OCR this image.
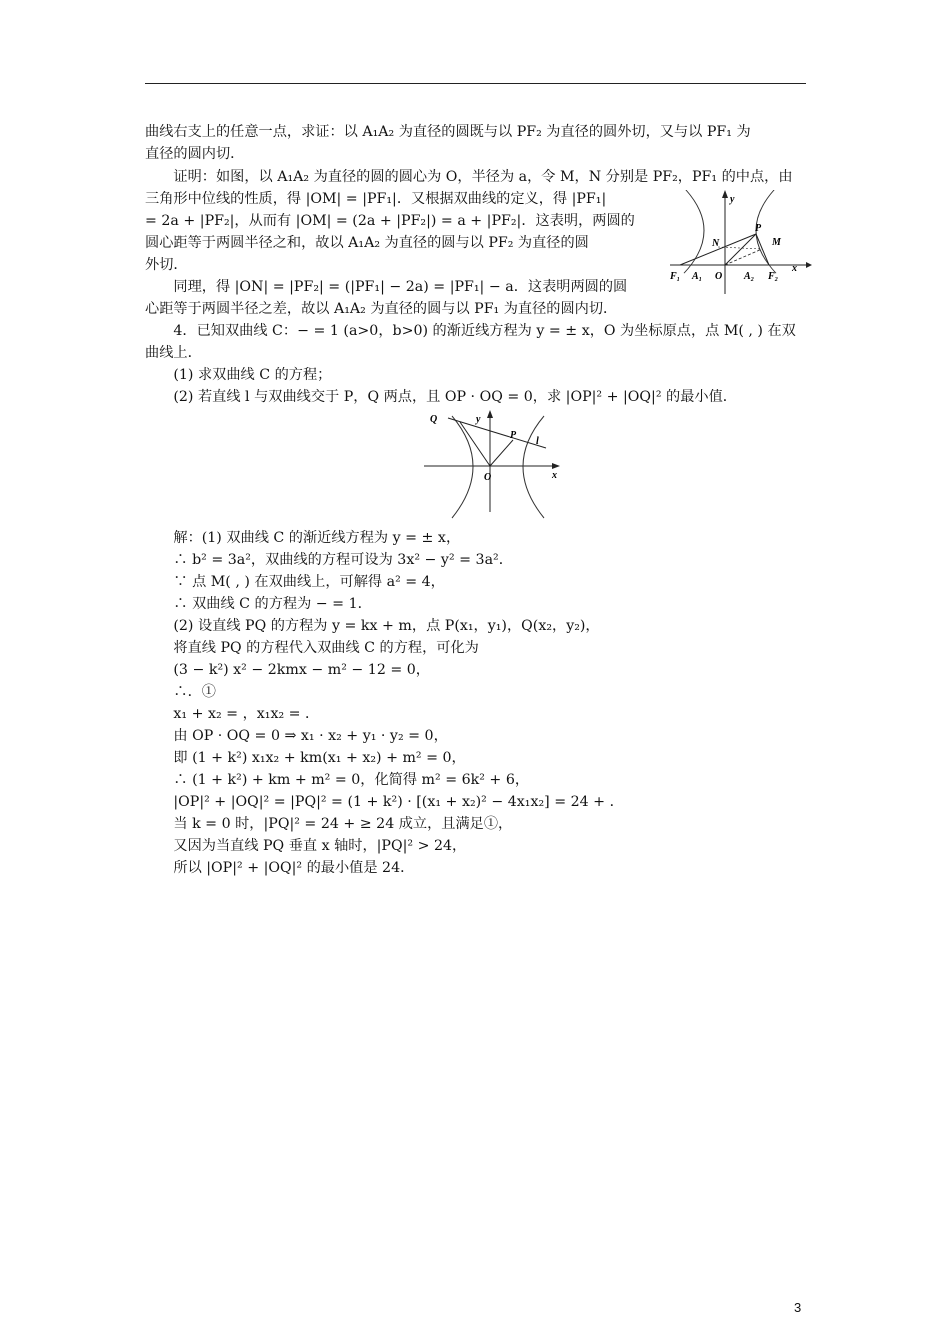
曲线右支上的任意一点，求证：以 A₁A₂ 为直径的圆既与以 PF₂ 为直径的圆外切，又与以 PF₁ 为
直径的圆内切．
　　证明：如图，以 A₁A₂ 为直径的圆的圆心为 O，半径为 a，令 M，N 分别是 PF₂，PF₁ 的中点，由
三角形中位线的性质，得 |OM| = |PF₁|．又根据双曲线的定义，得 |PF₁|
= 2a + |PF₂|，从而有 |OM| = (2a + |PF₂|) = a + |PF₂|．这表明，两圆的
圆心距等于两圆半径之和，故以 A₁A₂ 为直径的圆与以 PF₂ 为直径的圆
外切．
　　同理，得 |ON| = |PF₂| = (|PF₁| − 2a) = |PF₁| − a．这表明两圆的圆
心距等于两圆半径之差，故以 A₁A₂ 为直径的圆与以 PF₁ 为直径的圆内切．
　　4．已知双曲线 C：− = 1 (a>0，b>0) 的渐近线方程为 y = ± x，O 为坐标原点，点 M( , ) 在双
曲线上．
　　(1) 求双曲线 C 的方程；
　　(2) 若直线 l 与双曲线交于 P，Q 两点，且 OP · OQ = 0，求 |OP|² + |OQ|² 的最小值．
y
P
N	M
F₁ A₁ O A₂ F₂
x
Q	y
P
l
O	x
　　解：(1) 双曲线 C 的渐近线方程为 y = ± x，
　　∴ b² = 3a²，双曲线的方程可设为 3x² − y² = 3a²．
　　∵ 点 M( , ) 在双曲线上，可解得 a² = 4，
　　∴ 双曲线 C 的方程为 − = 1．
　　(2) 设直线 PQ 的方程为 y = kx + m，点 P(x₁，y₁)，Q(x₂，y₂)，
　　将直线 PQ 的方程代入双曲线 C 的方程，可化为
　　(3 − k²) x² − 2kmx − m² − 12 = 0，
　　∴．①
　　x₁ + x₂ = ，x₁x₂ = ．
　　由 OP · OQ = 0 ⇒ x₁ · x₂ + y₁ · y₂ = 0，
　　即 (1 + k²) x₁x₂ + km(x₁ + x₂) + m² = 0，
　　∴ (1 + k²) + km + m² = 0，化简得 m² = 6k² + 6，
　　|OP|² + |OQ|² = |PQ|² = (1 + k²) · [(x₁ + x₂)² − 4x₁x₂] = 24 + ．
　　当 k = 0 时，|PQ|² = 24 + ≥ 24 成立，且满足①，
　　又因为当直线 PQ 垂直 x 轴时，|PQ|² > 24，
　　所以 |OP|² + |OQ|² 的最小值是 24．
3
